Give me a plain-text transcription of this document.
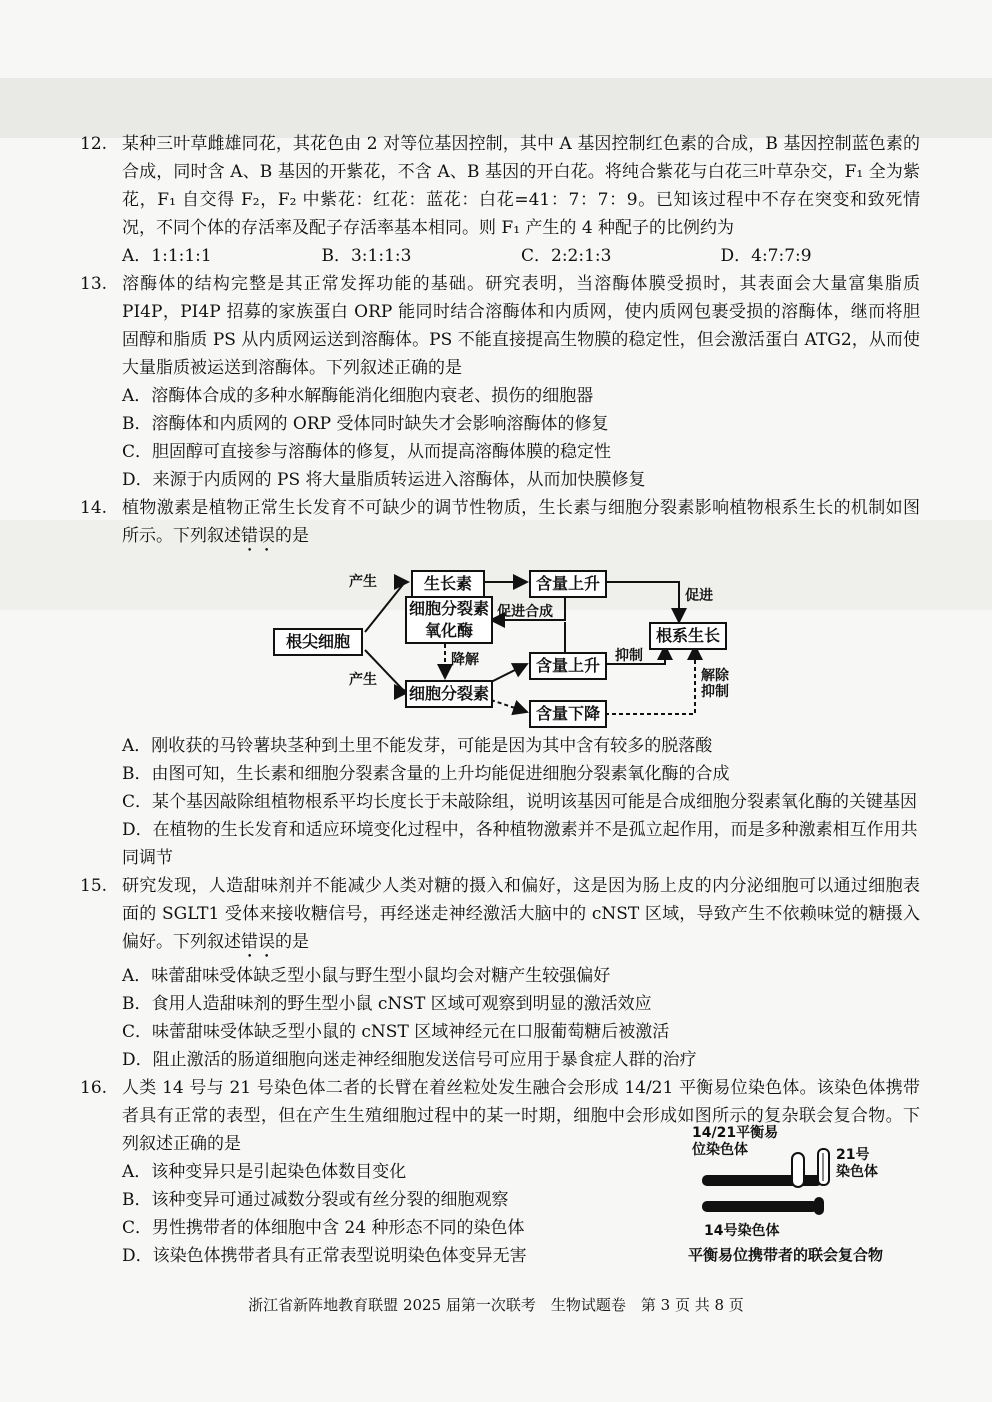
12. 某种三叶草雌雄同花，其花色由 2 对等位基因控制，其中 A 基因控制红色素的合成，B 基因控制蓝色素的合成，同时含 A、B 基因的开紫花，不含 A、B 基因的开白花。将纯合紫花与白花三叶草杂交，F₁ 全为紫花，F₁ 自交得 F₂，F₂ 中紫花：红花：蓝花：白花=41：7：7：9。已知该过程中不存在突变和致死情况，不同个体的存活率及配子存活率基本相同。则 F₁ 产生的 4 种配子的比例约为
A．1:1:1:1	B．3:1:1:3	C．2:2:1:3	D．4:7:7:9
13. 溶酶体的结构完整是其正常发挥功能的基础。研究表明，当溶酶体膜受损时，其表面会大量富集脂质 PI4P，PI4P 招募的家族蛋白 ORP 能同时结合溶酶体和内质网，使内质网包裹受损的溶酶体，继而将胆固醇和脂质 PS 从内质网运送到溶酶体。PS 不能直接提高生物膜的稳定性，但会激活蛋白 ATG2，从而使大量脂质被运送到溶酶体。下列叙述正确的是
A．溶酶体合成的多种水解酶能消化细胞内衰老、损伤的细胞器
B．溶酶体和内质网的 ORP 受体同时缺失才会影响溶酶体的修复
C．胆固醇可直接参与溶酶体的修复，从而提高溶酶体膜的稳定性
D．来源于内质网的 PS 将大量脂质转运进入溶酶体，从而加快膜修复
14. 植物激素是植物正常生长发育不可缺少的调节性物质，生长素与细胞分裂素影响植物根系生长的机制如图所示。下列叙述错误的是
根尖细胞
生长素	含量上升
细胞分裂素
氧化酶	根系生长
含量上升
细胞分裂素
含量下降
产生
产生
促进合成
促进
降解	抑制
解除
抑制
A．刚收获的马铃薯块茎种到土里不能发芽，可能是因为其中含有较多的脱落酸
B．由图可知，生长素和细胞分裂素含量的上升均能促进细胞分裂素氧化酶的合成
C．某个基因敲除组植物根系平均长度长于未敲除组，说明该基因可能是合成细胞分裂素氧化酶的关键基因
D．在植物的生长发育和适应环境变化过程中，各种植物激素并不是孤立起作用，而是多种激素相互作用共同调节
15. 研究发现，人造甜味剂并不能减少人类对糖的摄入和偏好，这是因为肠上皮的内分泌细胞可以通过细胞表面的 SGLT1 受体来接收糖信号，再经迷走神经激活大脑中的 cNST 区域，导致产生不依赖味觉的糖摄入偏好。下列叙述错误的是
A．味蕾甜味受体缺乏型小鼠与野生型小鼠均会对糖产生较强偏好
B．食用人造甜味剂的野生型小鼠 cNST 区域可观察到明显的激活效应
C．味蕾甜味受体缺乏型小鼠的 cNST 区域神经元在口服葡萄糖后被激活
D．阻止激活的肠道细胞向迷走神经细胞发送信号可应用于暴食症人群的治疗
16. 人类 14 号与 21 号染色体二者的长臂在着丝粒处发生融合会形成 14/21 平衡易位染色体。该染色体携带者具有正常的表型，但在产生生殖细胞过程中的某一时期，细胞中会形成如图所示的复杂联会复合物。下列叙述正确的是
A．该种变异只是引起染色体数目变化
B．该种变异可通过减数分裂或有丝分裂的细胞观察
C．男性携带者的体细胞中含 24 种形态不同的染色体
D．该染色体携带者具有正常表型说明染色体变异无害
14/21平衡易
位染色体	21号
染色体
14号染色体
平衡易位携带者的联会复合物
浙江省新阵地教育联盟 2025 届第一次联考　生物试题卷　第 3 页 共 8 页
